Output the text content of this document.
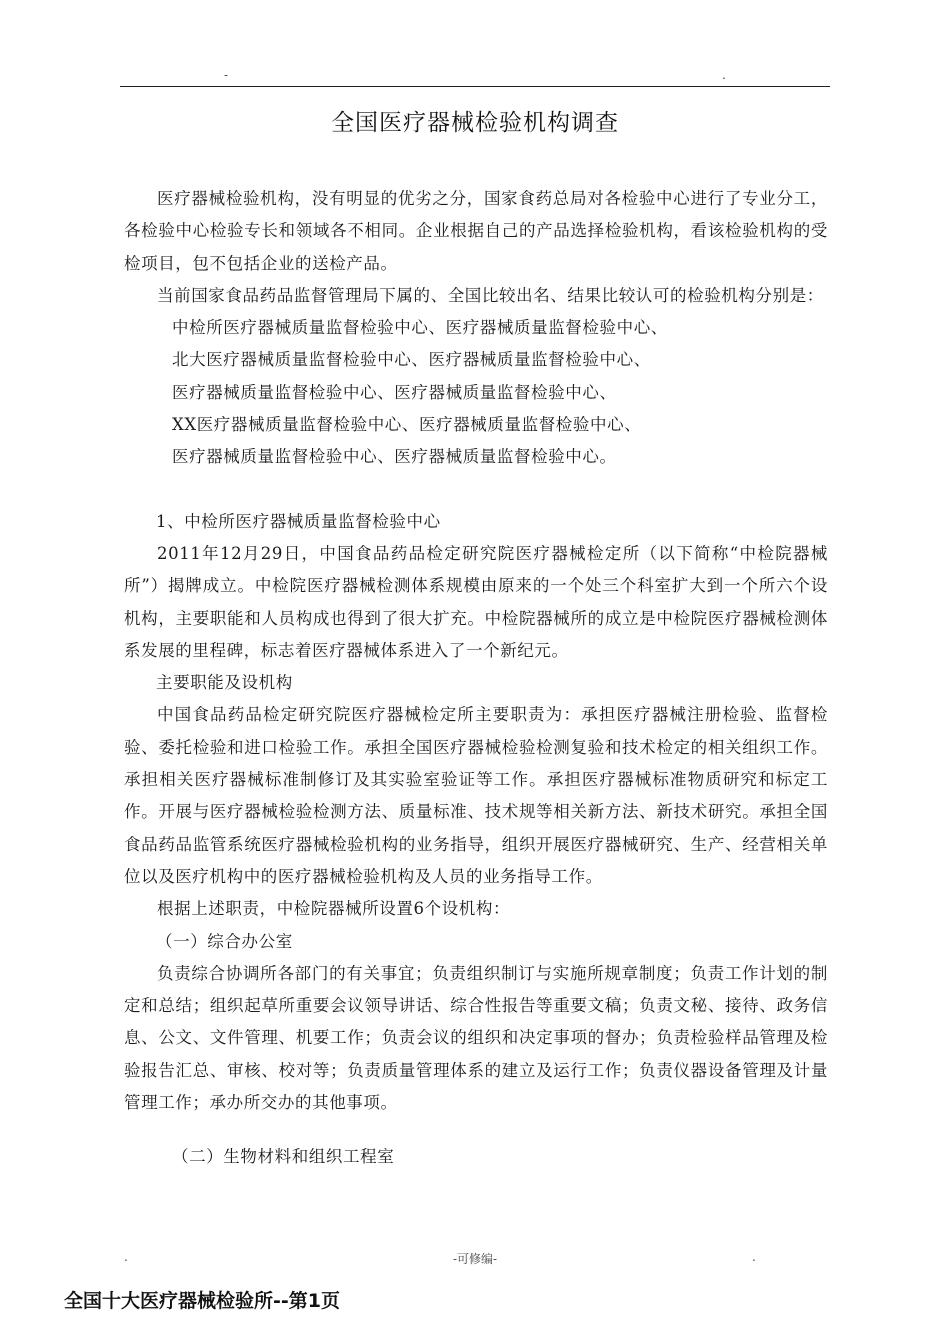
-	.
全国医疗器械检验机构调查

医疗器械检验机构，没有明显的优劣之分，国家食药总局对各检验中心进行了专业分工，各检验中心检验专长和领域各不相同。企业根据自己的产品选择检验机构，看该检验机构的受检项目，包不包括企业的送检产品。

当前国家食品药品监督管理局下属的、全国比较出名、结果比较认可的检验机构分别是：

中检所医疗器械质量监督检验中心、医疗器械质量监督检验中心、

北大医疗器械质量监督检验中心、医疗器械质量监督检验中心、

医疗器械质量监督检验中心、医疗器械质量监督检验中心、

XX医疗器械质量监督检验中心、医疗器械质量监督检验中心、

医疗器械质量监督检验中心、医疗器械质量监督检验中心。

1、中检所医疗器械质量监督检验中心

2011年12月29日，中国食品药品检定研究院医疗器械检定所（以下简称“中检院器械所”）揭牌成立。中检院医疗器械检测体系规模由原来的一个处三个科室扩大到一个所六个设机构，主要职能和人员构成也得到了很大扩充。中检院器械所的成立是中检院医疗器械检测体系发展的里程碑，标志着医疗器械体系进入了一个新纪元。

主要职能及设机构

中国食品药品检定研究院医疗器械检定所主要职责为：承担医疗器械注册检验、监督检验、委托检验和进口检验工作。承担全国医疗器械检验检测复验和技术检定的相关组织工作。承担相关医疗器械标准制修订及其实验室验证等工作。承担医疗器械标准物质研究和标定工作。开展与医疗器械检验检测方法、质量标准、技术规等相关新方法、新技术研究。承担全国食品药品监管系统医疗器械检验机构的业务指导，组织开展医疗器械研究、生产、经营相关单位以及医疗机构中的医疗器械检验机构及人员的业务指导工作。

根据上述职责，中检院器械所设置6个设机构：

（一）综合办公室

负责综合协调所各部门的有关事宜；负责组织制订与实施所规章制度；负责工作计划的制定和总结；组织起草所重要会议领导讲话、综合性报告等重要文稿；负责文秘、接待、政务信息、公文、文件管理、机要工作；负责会议的组织和决定事项的督办；负责检验样品管理及检验报告汇总、审核、校对等；负责质量管理体系的建立及运行工作；负责仪器设备管理及计量管理工作；承办所交办的其他事项。

（二）生物材料和组织工程室

.	-可修编-	.
全国十大医疗器械检验所--第1页
